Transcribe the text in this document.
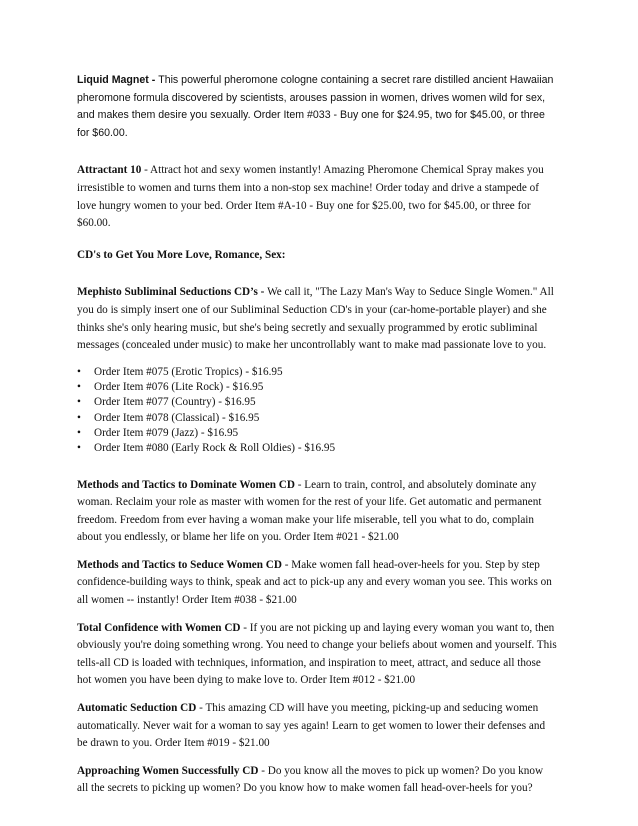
Liquid Magnet - This powerful pheromone cologne containing a secret rare distilled ancient Hawaiian pheromone formula discovered by scientists, arouses passion in women, drives women wild for sex, and makes them desire you sexually. Order Item #033 - Buy one for $24.95, two for $45.00, or three for $60.00.

Attractant 10 - Attract hot and sexy women instantly! Amazing Pheromone Chemical Spray makes you irresistible to women and turns them into a non-stop sex machine! Order today and drive a stampede of love hungry women to your bed. Order Item #A-10 - Buy one for $25.00, two for $45.00, or three for $60.00.

CD's to Get You More Love, Romance, Sex:

Mephisto Subliminal Seductions CD’s - We call it, "The Lazy Man's Way to Seduce Single Women." All you do is simply insert one of our Subliminal Seduction CD's in your (car-home-portable player) and she thinks she's only hearing music, but she's being secretly and sexually programmed by erotic subliminal messages (concealed under music) to make her uncontrollably want to make mad passionate love to you.

• Order Item #075 (Erotic Tropics) - $16.95
• Order Item #076 (Lite Rock) - $16.95
• Order Item #077 (Country) - $16.95
• Order Item #078 (Classical) - $16.95
• Order Item #079 (Jazz) - $16.95
• Order Item #080 (Early Rock & Roll Oldies) - $16.95

Methods and Tactics to Dominate Women CD - Learn to train, control, and absolutely dominate any woman. Reclaim your role as master with women for the rest of your life. Get automatic and permanent freedom. Freedom from ever having a woman make your life miserable, tell you what to do, complain about you endlessly, or blame her life on you. Order Item #021 - $21.00

Methods and Tactics to Seduce Women CD - Make women fall head-over-heels for you. Step by step confidence-building ways to think, speak and act to pick-up any and every woman you see. This works on all women -- instantly! Order Item #038 - $21.00

Total Confidence with Women CD - If you are not picking up and laying every woman you want to, then obviously you're doing something wrong. You need to change your beliefs about women and yourself. This tells-all CD is loaded with techniques, information, and inspiration to meet, attract, and seduce all those hot women you have been dying to make love to. Order Item #012 - $21.00

Automatic Seduction CD - This amazing CD will have you meeting, picking-up and seducing women automatically. Never wait for a woman to say yes again! Learn to get women to lower their defenses and be drawn to you. Order Item #019 - $21.00

Approaching Women Successfully CD - Do you know all the moves to pick up women? Do you know all the secrets to picking up women? Do you know how to make women fall head-over-heels for you?
